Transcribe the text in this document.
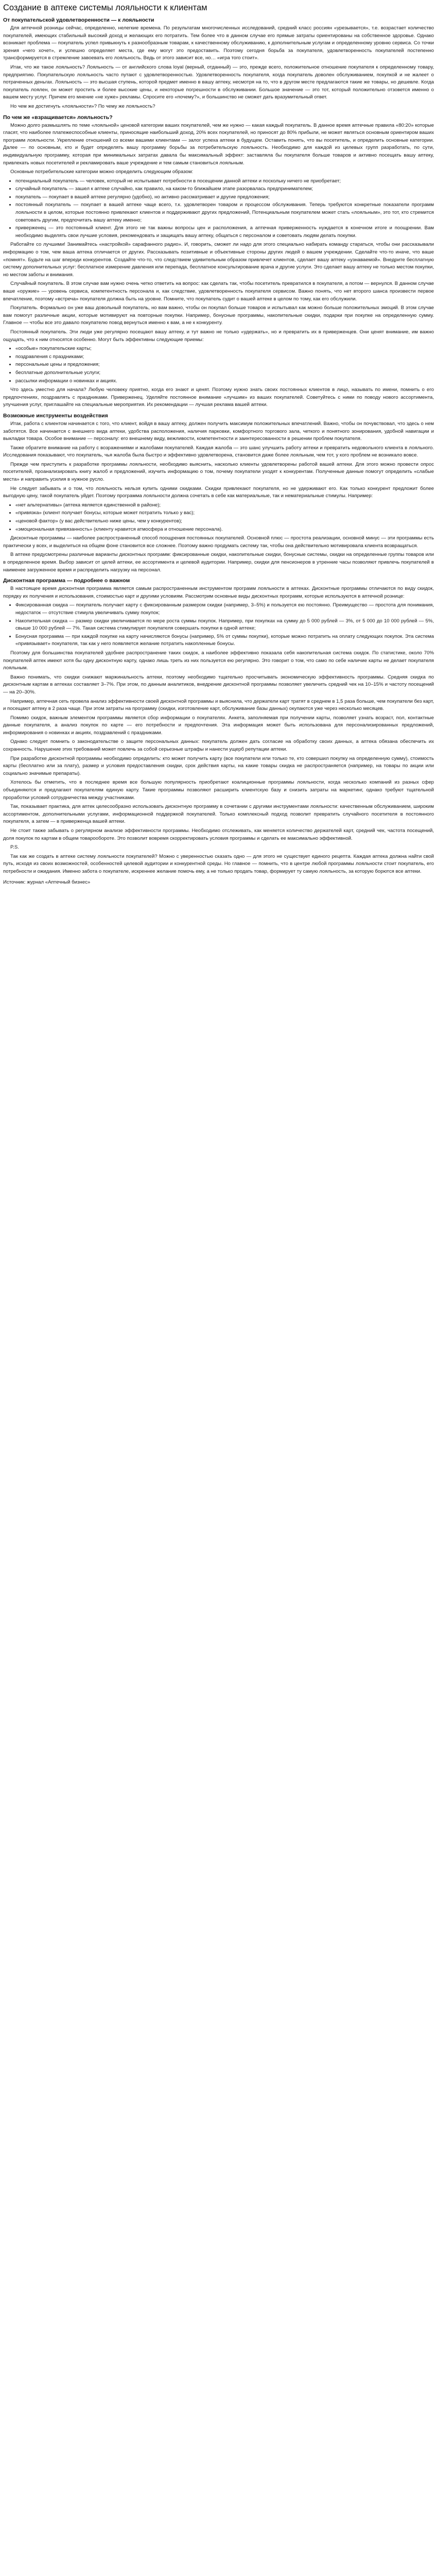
Создание в аптеке системы лояльности к клиентам
От покупательской удовлетворенности — к лояльности

Для аптечной розницы сейчас, определенно, нелегкие времена. По результатам многочисленных исследований, средний класс россиян «урезывается», т.е. возрастает количество покупателей, имеющих стабильный высокий доход и желающих его потратить. Тем более что в данном случае его прямые затраты ориентированы на собственное здоровье. Однако возникает проблема — покупатель успел привыкнуть к разнообразным товарам, к качественному обслуживанию, к дополнительным услугам и определенному уровню сервиса. Со точки зрения «чего хочет», и успешно определяет места, где ему могут это предоставить. Поэтому сегодня борьба за покупателя, удовлетворенность покупателей постепенно трансформируется в стремление завоевать его лояльность. Ведь от этого зависит все, но… «игра того стоит».

Итак, что же такое лояльность? Лояльность — от английского слова loyal (верный, отданный) — это, прежде всего, положительное отношение покупателя к определенному товару, предприятию. Покупательскую лояльность часто путают с удовлетворенностью. Удовлетворенность покупателя, когда покупатель доволен обслуживанием, покупкой и не жалеет о потраченных деньгах. Лояльность — это высшая ступень, которой предмет именно в вашу аптеку, несмотря на то, что в другом месте предлагаются такие же товары, но дешевле. Когда покупатель лоялен, он может простить и более высокие цены, и некоторые погрешности в обслуживании. Большое значение — это тот, который положительно отзовется именно о вашем месту услуг. Причем его мнение «не хуже» рекламы. Спросите его «почему?», и большинство не сможет дать вразумительный ответ.

Но чем же достигнуть «лояльности»? По чему же лояльность?

По чем же «взращивается» лояльность?

Можно долго размышлять по теме «лояльной» ценовой категории ваших покупателей, чем же нужно — какая каждый покупатель. В данное время аптечные правила «80:20» которые гласят, что наиболее платежеспособные клиенты, приносящие наибольший доход, 20% всех покупателей, но приносят до 80% прибыли, не может являться основным ориентиром ваших программ лояльности. Укрепление отношений со всеми вашими клиентами — залог успеха аптеки в будущем. Оставить понять, что вы посетитель, и определить основные категории. Далее — по основным, кто и будет определять вашу программу борьбы за потребительскую лояльность. Необходимо для каждой из целевых групп разработать, по сути, индивидуальную программу, которая при минимальных затратах давала бы максимальный эффект: заставляла бы покупателя больше товаров и активно посещать вашу аптеку, привлекать новых посетителей и рекламировать ваше учреждение и тем самым становиться лояльным.

Основные потребительские категории можно определить следующим образом:

• потенциальный покупатель — человек, который не испытывает потребности в посещении данной аптеки и поскольку ничего не приобретает;
• случайный покупатель — зашел к аптеке случайно, как правило, на каком-то ближайшем этапе разорвалась предпринимателем;
• покупатель — покупает в вашей аптеке регулярно (удобно), но активно рассматривает и другие предложения;
• постоянный покупатель — покупает в вашей аптеке чаще всего, т.к. удовлетворен товаром и процессом обслуживания. Теперь требуются конкретные показатели программ лояльности в целом, которые постоянно привлекают клиентов и поддерживают других предложений, Потенциальным покупателем может стать «лояльным», это тот, кто стремится советовать другим, предпочитать вашу аптеку именно;
• приверженец — это постоянный клиент. Для этого не так важны вопросы цен и расположения, а аптечная приверженность нуждается в конечном итоге и поощрении. Вам необходимо выделять свои лучшие условия, рекомендовать и защищать вашу аптеку, общаться с персоналом и советовать людям делать покупки.

Работайте со лучшими! Занимайтесь «настройкой» сарафанного радио». И, говорить, сможет ли надо для этого специально набирать команду стараться, чтобы они рассказывали информацию о том, чем ваша аптека отличается от других. Рассказывать позитивные и объективные стороны других людей о вашем учреждении. Сделайте что-то иначе, что ваше «помнят». Будьте на шаг впереди конкурентов. Создайте что-то, что следствием удивительным образом привлечет клиентов, сделает вашу аптеку «узнаваемой». Внедрите бесплатную систему дополнительных услуг: бесплатное измерение давления или перепада, бесплатное консультирование врача и другие услуги. Это сделает вашу аптеку не только местом покупки, но местом заботы и внимания.

Случайный покупатель. В этом случае вам нужно очень четко ответить на вопрос: как сделать так, чтобы посетитель превратился в покупателя, а потом — вернулся. В данном случае ваше «оружие» — уровень сервиса, компетентность персонала и, как следствие, удовлетворенность покупателя сервисом. Важно понять, что нет второго шанса произвести первое впечатление, поэтому «встреча» покупателя должна быть на уровне. Помните, что покупатель судит о вашей аптеке в целом по тому, как его обслужили.

Покупатель. Формально он уже ваш довольный покупатель, но вам важно, чтобы он покупал больше товаров и испытывал как можно больше положительных эмоций. В этом случае вам помогут различные акции, которые мотивируют на повторные покупки. Например, бонусные программы, накопительные скидки, подарки при покупке на определенную сумму. Главное — чтобы все это давало покупателю повод вернуться именно к вам, а не к конкуренту.

Постоянный покупатель. Эти люди уже регулярно посещают вашу аптеку, и тут важно не только «удержать», но и превратить их в приверженцев. Они ценят внимание, им важно ощущать, что к ним относятся особенно. Могут быть эффективны следующие приемы:

• «особые» покупательские карты;
• поздравления с праздниками;
• персональные цены и предложения;
• бесплатные дополнительные услуги;
• рассылки информации о новинках и акциях.

Что здесь уместно для начала? Любую человеку приятно, когда его знают и ценят. Поэтому нужно знать своих постоянных клиентов в лицо, называть по имени, помнить о его предпочтениях, поздравлять с праздниками. Приверженец. Уделяйте постоянное внимание «лучшим» из ваших покупателей. Советуйтесь с ними по поводу нового ассортимента, улучшения услуг, приглашайте на специальные мероприятия. Их рекомендации — лучшая реклама вашей аптеки.

Возможные инструменты воздействия

Итак, работа с клиентом начинается с того, что клиент, войдя в вашу аптеку, должен получить максимум положительных впечатлений. Важно, чтобы он почувствовал, что здесь о нем заботятся. Все начинается с внешнего вида аптеки, удобства расположения, наличия парковки, комфортного торгового зала, четкого и понятного зонирования, удобной навигации и выкладки товара. Особое внимание — персоналу: его внешнему виду, вежливости, компетентности и заинтересованности в решении проблем покупателя.

Также обратите внимание на работу с возражениями и жалобами покупателей. Каждая жалоба — это шанс улучшить работу аптеки и превратить недовольного клиента в лояльного. Исследования показывают, что покупатель, чья жалоба была быстро и эффективно удовлетворена, становится даже более лояльным, чем тот, у кого проблем не возникало вовсе.

Прежде чем приступить к разработке программы лояльности, необходимо выяснить, насколько клиенты удовлетворены работой вашей аптеки. Для этого можно провести опрос посетителей, проанализировать книгу жалоб и предложений, изучить информацию о том, почему покупатели уходят к конкурентам. Полученные данные помогут определить «слабые места» и направить усилия в нужное русло.

Не следует забывать и о том, что лояльность нельзя купить одними скидками. Скидки привлекают покупателя, но не удерживают его. Как только конкурент предложит более выгодную цену, такой покупатель уйдет. Поэтому программа лояльности должна сочетать в себе как материальные, так и нематериальные стимулы. Например:

• «нет альтернативы» (аптека является единственной в районе);
• «привязка» (клиент получает бонусы, которые может потратить только у вас);
• «ценовой фактор» (у вас действительно ниже цены, чем у конкурентов);
• «эмоциональная привязанность» (клиенту нравится атмосфера и отношение персонала).

Дисконтные программы — наиболее распространенный способ поощрения постоянных покупателей. Основной плюс — простота реализации, основной минус — эти программы есть практически у всех, и выделиться на общем фоне становится все сложнее. Поэтому важно продумать систему так, чтобы она действительно мотивировала клиента возвращаться.

В аптеке предусмотрены различные варианты дисконтных программ: фиксированные скидки, накопительные скидки, бонусные системы, скидки на определенные группы товаров или в определенное время. Выбор зависит от целей аптеки, ее ассортимента и целевой аудитории. Например, скидки для пенсионеров в утренние часы позволяют привлечь покупателей в наименее загруженное время и распределить нагрузку на персонал.

Дисконтная программа — подробнее о важном

В настоящее время дисконтная программа является самым распространенным инструментом программ лояльности в аптеках. Дисконтные программы отличаются по виду скидок, порядку их получения и использования, стоимостью карт и другими условиям. Рассмотрим основные виды дисконтных программ, которые используются в аптечной рознице:

• Фиксированная скидка — покупатель получает карту с фиксированным размером скидки (например, 3–5%) и пользуется ею постоянно. Преимущество — простота для понимания, недостаток — отсутствие стимула увеличивать сумму покупок;
• Накопительная скидка — размер скидки увеличивается по мере роста суммы покупок. Например, при покупках на сумму до 5 000 рублей — 3%, от 5 000 до 10 000 рублей — 5%, свыше 10 000 рублей — 7%. Такая система стимулирует покупателя совершать покупки в одной аптеке;
• Бонусная программа — при каждой покупке на карту начисляются бонусы (например, 5% от суммы покупки), которые можно потратить на оплату следующих покупок. Эта система «привязывает» покупателя, так как у него появляется желание потратить накопленные бонусы.

Поэтому для большинства покупателей удобнее распространение таких скидок, а наиболее эффективно показала себя накопительная система скидок. По статистике, около 70% покупателей аптек имеют хотя бы одну дисконтную карту, однако лишь треть из них пользуется ею регулярно. Это говорит о том, что само по себе наличие карты не делает покупателя лояльным.

Важно понимать, что скидки снижают маржинальность аптеки, поэтому необходимо тщательно просчитывать экономическую эффективность программы. Средняя скидка по дисконтным картам в аптеках составляет 3–7%. При этом, по данным аналитиков, внедрение дисконтной программы позволяет увеличить средний чек на 10–15% и частоту посещений — на 20–30%.

Например, аптечная сеть провела анализ эффективности своей дисконтной программы и выяснила, что держатели карт тратят в среднем в 1,5 раза больше, чем покупатели без карт, и посещают аптеку в 2 раза чаще. При этом затраты на программу (скидки, изготовление карт, обслуживание базы данных) окупаются уже через несколько месяцев.

Помимо скидок, важным элементом программы является сбор информации о покупателях. Анкета, заполняемая при получении карты, позволяет узнать возраст, пол, контактные данные покупателя, а анализ покупок по карте — его потребности и предпочтения. Эта информация может быть использована для персонализированных предложений, информирования о новинках и акциях, поздравлений с праздниками.

Однако следует помнить о законодательстве о защите персональных данных: покупатель должен дать согласие на обработку своих данных, а аптека обязана обеспечить их сохранность. Нарушение этих требований может повлечь за собой серьезные штрафы и нанести ущерб репутации аптеки.

При разработке дисконтной программы необходимо определить: кто может получить карту (все покупатели или только те, кто совершил покупку на определенную сумму), стоимость карты (бесплатно или за плату), размер и условия предоставления скидки, срок действия карты, на какие товары скидка не распространяется (например, на товары по акции или социально значимые препараты).

Хотелось бы отметить, что в последнее время все большую популярность приобретают коалиционные программы лояльности, когда несколько компаний из разных сфер объединяются и предлагают покупателям единую карту. Такие программы позволяют расширить клиентскую базу и снизить затраты на маркетинг, однако требуют тщательной проработки условий сотрудничества между участниками.

Так, показывает практика, для аптек целесообразно использовать дисконтную программу в сочетании с другими инструментами лояльности: качественным обслуживанием, широким ассортиментом, дополнительными услугами, информационной поддержкой покупателей. Только комплексный подход позволит превратить случайного посетителя в постоянного покупателя, а затем — в приверженца вашей аптеки.

Не стоит также забывать о регулярном анализе эффективности программы. Необходимо отслеживать, как меняется количество держателей карт, средний чек, частота посещений, доля покупок по картам в общем товарообороте. Это позволит вовремя скорректировать условия программы и сделать ее максимально эффективной.

P.S.

Так как же создать в аптеке систему лояльности покупателей? Можно с уверенностью сказать одно — для этого не существует единого рецепта. Каждая аптека должна найти свой путь, исходя из своих возможностей, особенностей целевой аудитории и конкурентной среды. Но главное — помнить, что в центре любой программы лояльности стоит покупатель, его потребности и ожидания. Именно забота о покупателе, искреннее желание помочь ему, а не только продать товар, формирует ту самую лояльность, за которую борются все аптеки.

Источник: журнал «Аптечный бизнес»
